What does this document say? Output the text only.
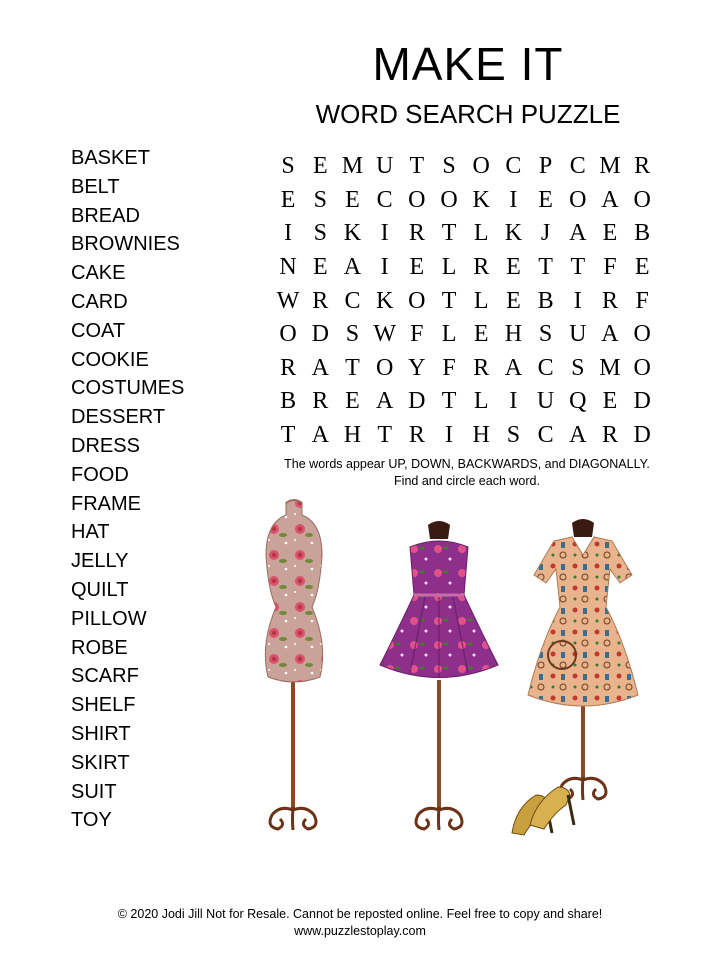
MAKE IT
WORD SEARCH PUZZLE
BASKET
BELT
BREAD
BROWNIES
CAKE
CARD
COAT
COOKIE
COSTUMES
DESSERT
DRESS
FOOD
FRAME
HAT
JELLY
QUILT
PILLOW
ROBE
SCARF
SHELF
SHIRT
SKIRT
SUIT
TOY
S	E	M	U	T	S	O	C	P	C	M	R
E	S	E	C	O	O	K	I	E	O	A	O
I	S	K	I	R	T	L	K	J	A	E	B
N	E	A	I	E	L	R	E	T	T	F	E
W	R	C	K	O	T	L	E	B	I	R	F
O	D	S	W	F	L	E	H	S	U	A	O
R	A	T	O	Y	F	R	A	C	S	M	O
B	R	E	A	D	T	L	I	U	Q	E	D
T	A	H	T	R	I	H	S	C	A	R	D
The words appear UP, DOWN, BACKWARDS, and DIAGONALLY.
Find and circle each word.
© 2020 Jodi Jill Not for Resale. Cannot be reposted online. Feel free to copy and share!
www.puzzlestoplay.com
